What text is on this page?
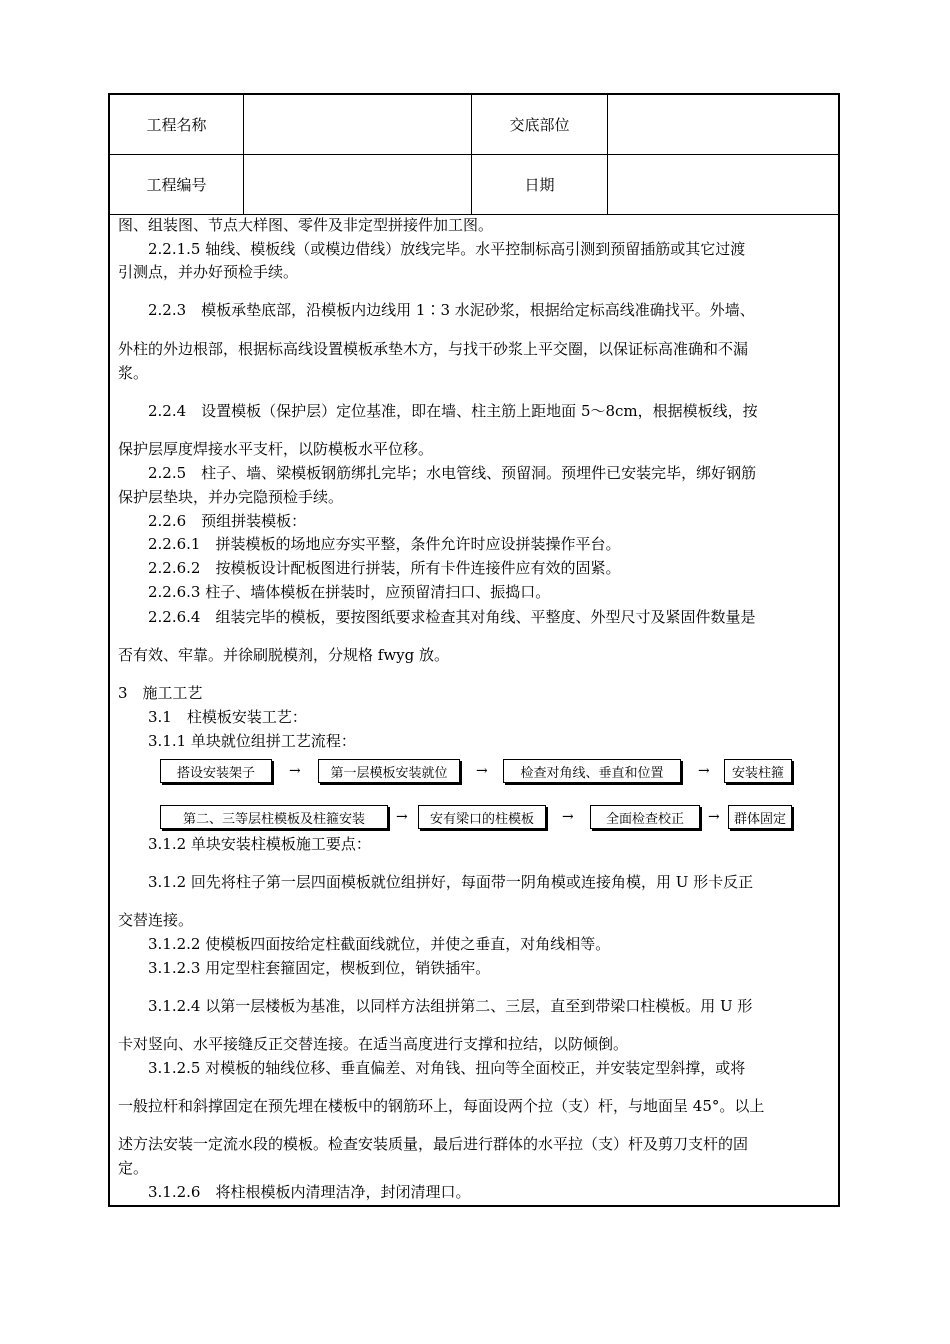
工程名称	交底部位
工程编号	日期
图、组装图、节点大样图、零件及非定型拼接件加工图。
　　2.2.1.5 轴线、模板线（或模边借线）放线完毕。水平控制标高引测到预留插筋或其它过渡
引测点，并办好预检手续。
　　2.2.3　模板承垫底部，沿模板内边线用 1∶3 水泥砂浆，根据给定标高线准确找平。外墙、
外柱的外边根部，根据标高线设置模板承垫木方，与找干砂浆上平交圈，以保证标高准确和不漏
浆。
　　2.2.4　设置模板（保护层）定位基准，即在墙、柱主筋上距地面 5～8cm，根据模板线，按
保护层厚度焊接水平支杆，以防模板水平位移。
　　2.2.5　柱子、墙、梁模板钢筋绑扎完毕；水电管线、预留洞。预埋件已安装完毕，绑好钢筋
保护层垫块，并办完隐预检手续。
　　2.2.6　预组拼装模板：
　　2.2.6.1　拼装模板的场地应夯实平整，条件允许时应设拼装操作平台。
　　2.2.6.2　按模板设计配板图进行拼装，所有卡件连接件应有效的固紧。
　　2.2.6.3 柱子、墙体模板在拼装时，应预留清扫口、振捣口。
　　2.2.6.4　组装完毕的模板，要按图纸要求检查其对角线、平整度、外型尺寸及紧固件数量是
否有效、牢靠。并徐刷脱模剂，分规格 fwyg 放。
3　施工工艺
　　3.1　柱模板安装工艺：
　　3.1.1 单块就位组拼工艺流程：
搭设安装架子	→	第一层模板安装就位	→	检查对角线、垂直和位置	→	安装柱箍
第二、三等层柱模板及柱箍安装	→	安有梁口的柱模板	→	全面检查校正	→	群体固定
　　3.1.2 单块安装柱模板施工要点：
　　3.1.2 回先将柱子第一层四面模板就位组拼好，每面带一阴角模或连接角模，用 U 形卡反正
交替连接。
　　3.1.2.2 使模板四面按给定柱截面线就位，并使之垂直，对角线相等。
　　3.1.2.3 用定型柱套箍固定，楔板到位，销铁插牢。
　　3.1.2.4 以第一层楼板为基准，以同样方法组拼第二、三层，直至到带梁口柱模板。用 U 形
卡对竖向、水平接缝反正交替连接。在适当高度进行支撑和拉结，以防倾倒。
　　3.1.2.5 对模板的轴线位移、垂直偏差、对角钱、扭向等全面校正，并安装定型斜撑，或将
一般拉杆和斜撑固定在预先埋在楼板中的钢筋环上，每面设两个拉（支）杆，与地面呈 45°。以上
述方法安装一定流水段的模板。检查安装质量，最后进行群体的水平拉（支）杆及剪刀支杆的固
定。
　　3.1.2.6　将柱根模板内清理洁净，封闭清理口。
